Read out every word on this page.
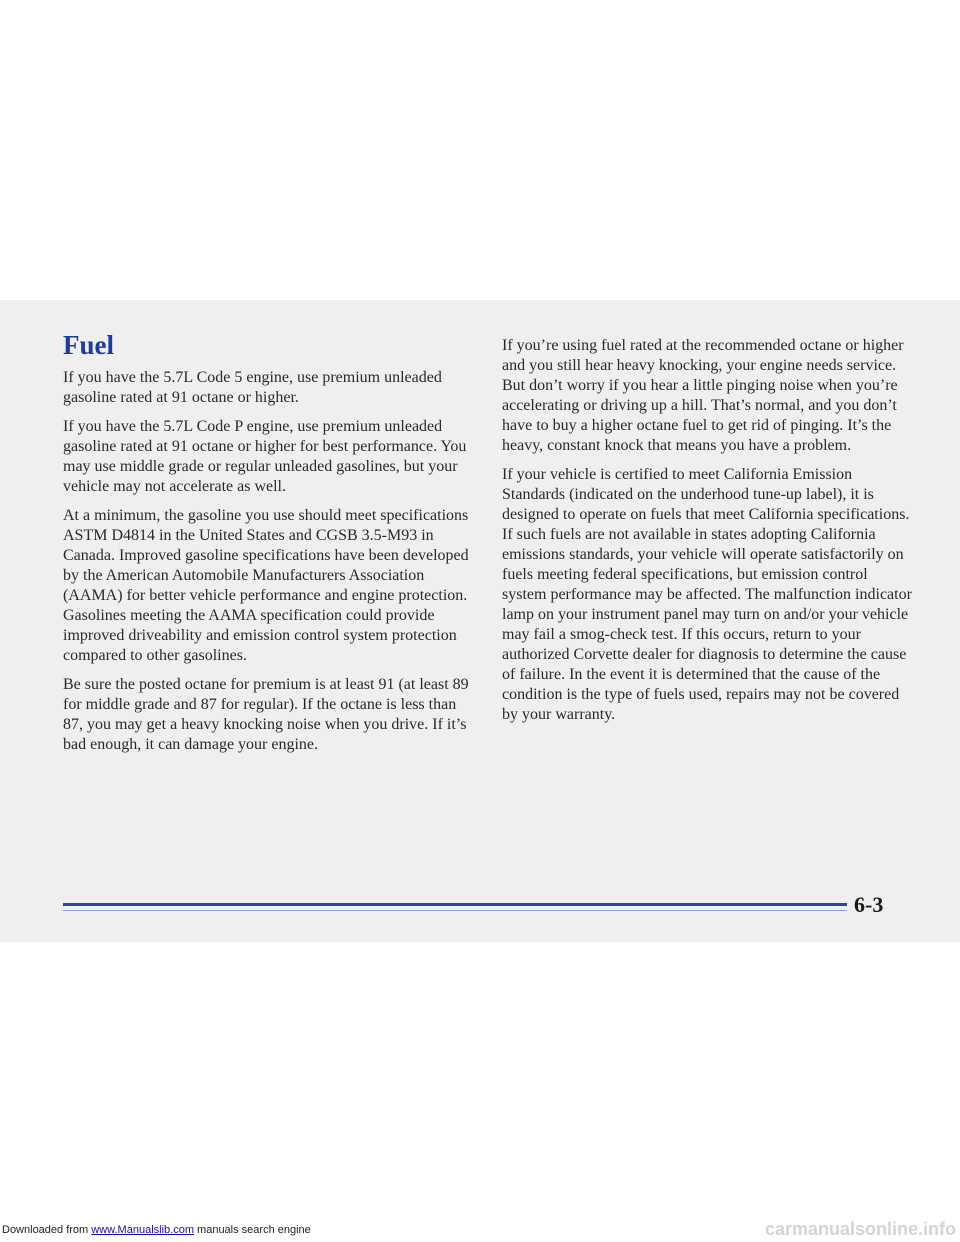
Fuel

If you have the 5.7L Code 5 engine, use premium unleaded gasoline rated at 91 octane or higher.

If you have the 5.7L Code P engine, use premium unleaded gasoline rated at 91 octane or higher for best performance. You may use middle grade or regular unleaded gasolines, but your vehicle may not accelerate as well.

At a minimum, the gasoline you use should meet specifications ASTM D4814 in the United States and CGSB 3.5-M93 in Canada. Improved gasoline specifications have been developed by the American Automobile Manufacturers Association (AAMA) for better vehicle performance and engine protection. Gasolines meeting the AAMA specification could provide improved driveability and emission control system protection compared to other gasolines.

Be sure the posted octane for premium is at least 91 (at least 89 for middle grade and 87 for regular). If the octane is less than 87, you may get a heavy knocking noise when you drive. If it’s bad enough, it can damage your engine.

If you’re using fuel rated at the recommended octane or higher and you still hear heavy knocking, your engine needs service. But don’t worry if you hear a little pinging noise when you’re accelerating or driving up a hill. That’s normal, and you don’t have to buy a higher octane fuel to get rid of pinging. It’s the heavy, constant knock that means you have a problem.

If your vehicle is certified to meet California Emission Standards (indicated on the underhood tune-up label), it is designed to operate on fuels that meet California specifications. If such fuels are not available in states adopting California emissions standards, your vehicle will operate satisfactorily on fuels meeting federal specifications, but emission control system performance may be affected. The malfunction indicator lamp on your instrument panel may turn on and/or your vehicle may fail a smog-check test. If this occurs, return to your authorized Corvette dealer for diagnosis to determine the cause of failure. In the event it is determined that the cause of the condition is the type of fuels used, repairs may not be covered by your warranty.

6-3
Downloaded from www.Manualslib.com manuals search engine	carmanualsonline.info
